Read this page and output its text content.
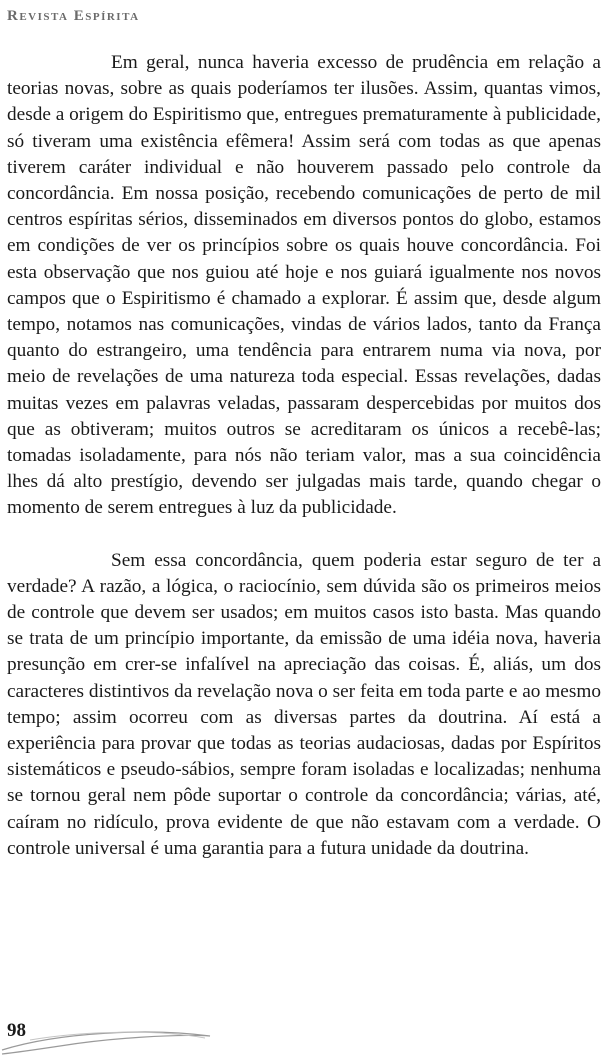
Revista Espírita

Em geral, nunca haveria excesso de prudência em relação a teorias novas, sobre as quais poderíamos ter ilusões. Assim, quantas vimos, desde a origem do Espiritismo que, entregues prematuramente à publicidade, só tiveram uma existência efêmera! Assim será com todas as que apenas tiverem caráter individual e não houverem passado pelo controle da concordância. Em nossa posição, recebendo comunicações de perto de mil centros espíritas sérios, disseminados em diversos pontos do globo, estamos em condições de ver os princípios sobre os quais houve concordância. Foi esta observação que nos guiou até hoje e nos guiará igualmente nos novos campos que o Espiritismo é chamado a explorar. É assim que, desde algum tempo, notamos nas comunicações, vindas de vários lados, tanto da França quanto do estrangeiro, uma tendência para entrarem numa via nova, por meio de revelações de uma natureza toda especial. Essas revelações, dadas muitas vezes em palavras veladas, passaram despercebidas por muitos dos que as obtiveram; muitos outros se acreditaram os únicos a recebê-las; tomadas isoladamente, para nós não teriam valor, mas a sua coincidência lhes dá alto prestígio, devendo ser julgadas mais tarde, quando chegar o momento de serem entregues à luz da publicidade.

Sem essa concordância, quem poderia estar seguro de ter a verdade? A razão, a lógica, o raciocínio, sem dúvida são os primeiros meios de controle que devem ser usados; em muitos casos isto basta. Mas quando se trata de um princípio importante, da emissão de uma idéia nova, haveria presunção em crer-se infalível na apreciação das coisas. É, aliás, um dos caracteres distintivos da revelação nova o ser feita em toda parte e ao mesmo tempo; assim ocorreu com as diversas partes da doutrina. Aí está a experiência para provar que todas as teorias audaciosas, dadas por Espíritos sistemáticos e pseudo-sábios, sempre foram isoladas e localizadas; nenhuma se tornou geral nem pôde suportar o controle da concordância; várias, até, caíram no ridículo, prova evidente de que não estavam com a verdade. O controle universal é uma garantia para a futura unidade da doutrina.

98
